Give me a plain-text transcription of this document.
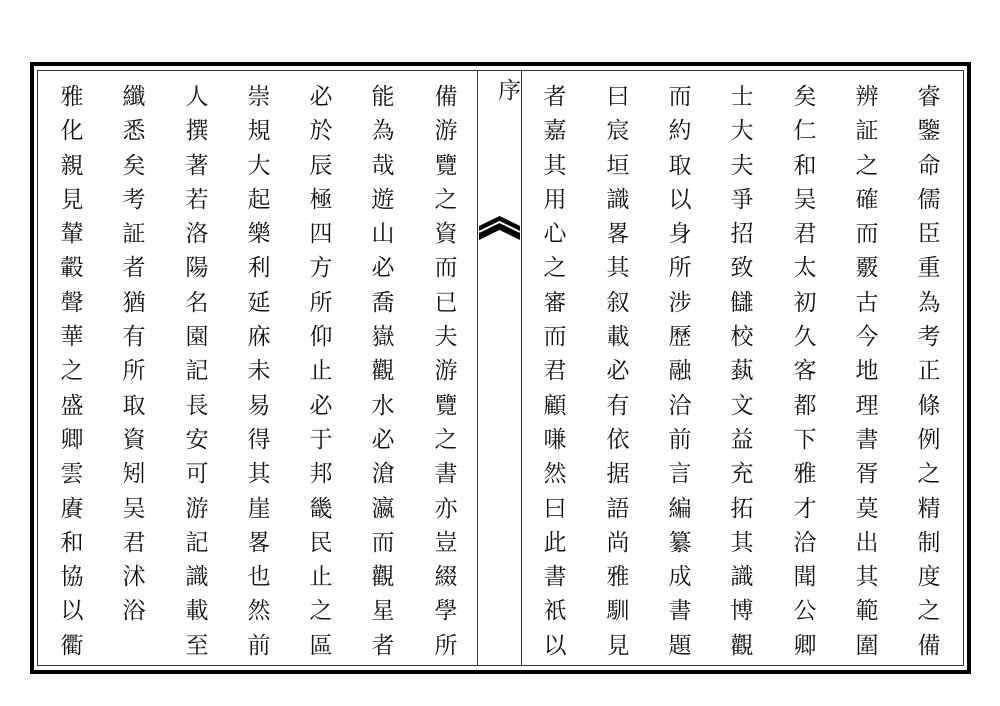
序
備
游
覽
之
資
而
已
夫
游
覽
之
書
亦
豈
綴
學
所
能
為
哉
遊
山
必
喬
嶽
觀
水
必
滄
瀛
而
觀
星
者
必
於
辰
極
四
方
所
仰
止
必
于
邦
畿
民
止
之
區
崇
規
大
起
樂
利
延
庥
未
易
得
其
崖
畧
也
然
前
人
撰
著
若
洛
陽
名
園
記
長
安
可
游
記
識
載
至
纖
悉
矣
考
証
者
猶
有
所
取
資
矧
吴
君
沭
浴
雅
化
親
見
輦
轂
聲
華
之
盛
卿
雲
賡
和
協
以
衢
睿
鑒
命
儒
臣
重
為
考
正
條
例
之
精
制
度
之
備
辨
証
之
確
而
覈
古
今
地
理
書
胥
莫
出
其
範
圍
矣
仁
和
吴
君
太
初
久
客
都
下
雅
才
洽
聞
公
卿
士
大
夫
爭
招
致
讎
校
蓺
文
益
充
拓
其
識
博
觀
而
約
取
以
身
所
涉
歷
融
洽
前
言
編
纂
成
書
題
曰
宸
垣
識
畧
其
叙
載
必
有
依
据
語
尚
雅
馴
見
者
嘉
其
用
心
之
審
而
君
顧
嗛
然
曰
此
書
祇
以
